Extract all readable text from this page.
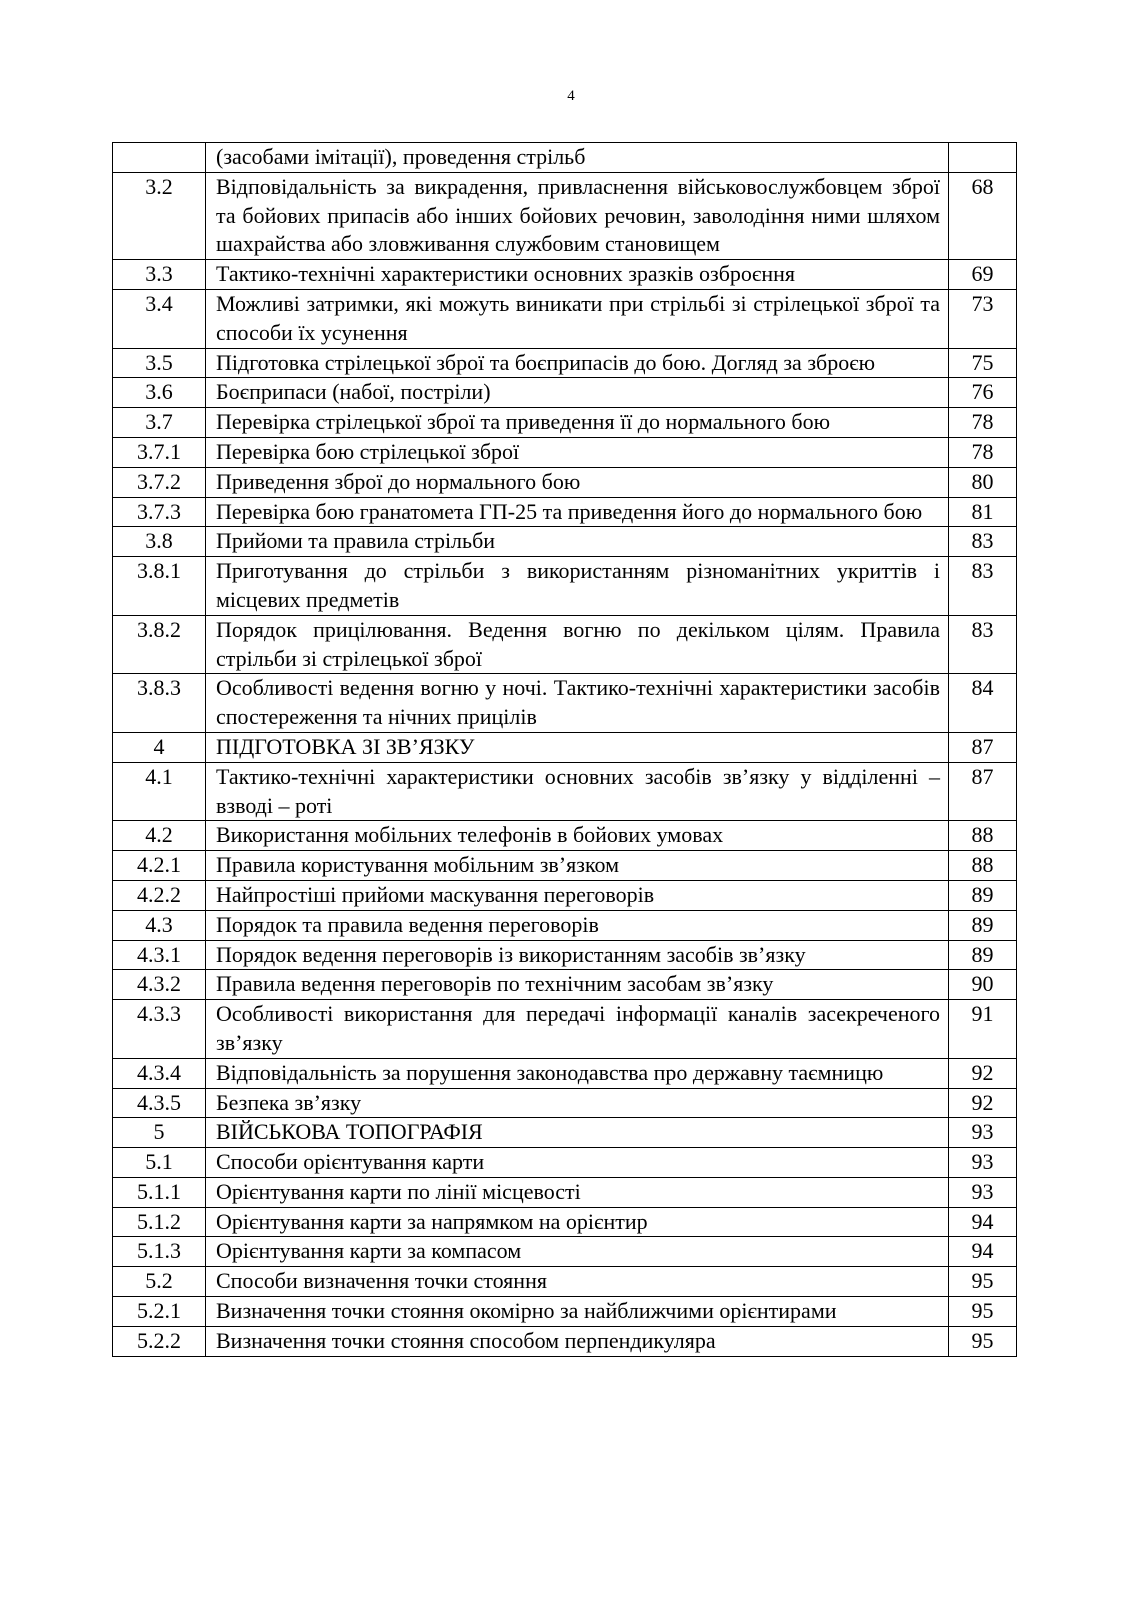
4
	(засобами імітації), проведення стрільб	
3.2	Відповідальність за викрадення, привласнення військовослужбовцем зброї та бойових припасів або інших бойових речовин, заволодіння ними шляхом шахрайства або зловживання службовим становищем	68
3.3	Тактико-технічні характеристики основних зразків озброєння	69
3.4	Можливі затримки, які можуть виникати при стрільбі зі стрілецької зброї та способи їх усунення	73
3.5	Підготовка стрілецької зброї та боєприпасів до бою. Догляд за зброєю	75
3.6	Боєприпаси (набої, постріли)	76
3.7	Перевірка стрілецької зброї та приведення її до нормального бою	78
3.7.1	Перевірка бою стрілецької зброї	78
3.7.2	Приведення зброї до нормального бою	80
3.7.3	Перевірка бою гранатомета ГП-25 та приведення його до нормального бою	81
3.8	Прийоми та правила стрільби	83
3.8.1	Приготування до стрільби з використанням різноманітних укриттів і місцевих предметів	83
3.8.2	Порядок прицілювання. Ведення вогню по декільком цілям. Правила стрільби зі стрілецької зброї	83
3.8.3	Особливості ведення вогню у ночі. Тактико-технічні характеристики засобів спостереження та нічних прицілів	84
4	ПІДГОТОВКА ЗІ ЗВ’ЯЗКУ	87
4.1	Тактико-технічні характеристики основних засобів зв’язку у відділенні – взводі – роті	87
4.2	Використання мобільних телефонів в бойових умовах	88
4.2.1	Правила користування мобільним зв’язком	88
4.2.2	Найпростіші прийоми маскування переговорів	89
4.3	Порядок та правила ведення переговорів	89
4.3.1	Порядок ведення переговорів із використанням засобів зв’язку	89
4.3.2	Правила ведення переговорів по технічним засобам зв’язку	90
4.3.3	Особливості використання для передачі інформації каналів засекреченого зв’язку	91
4.3.4	Відповідальність за порушення законодавства про державну таємницю	92
4.3.5	Безпека зв’язку	92
5	ВІЙСЬКОВА ТОПОГРАФІЯ	93
5.1	Способи орієнтування карти	93
5.1.1	Орієнтування карти по лінії місцевості	93
5.1.2	Орієнтування карти за напрямком на орієнтир	94
5.1.3	Орієнтування карти за компасом	94
5.2	Способи визначення точки стояння	95
5.2.1	Визначення точки стояння окомірно за найближчими орієнтирами	95
5.2.2	Визначення точки стояння способом перпендикуляра	95
